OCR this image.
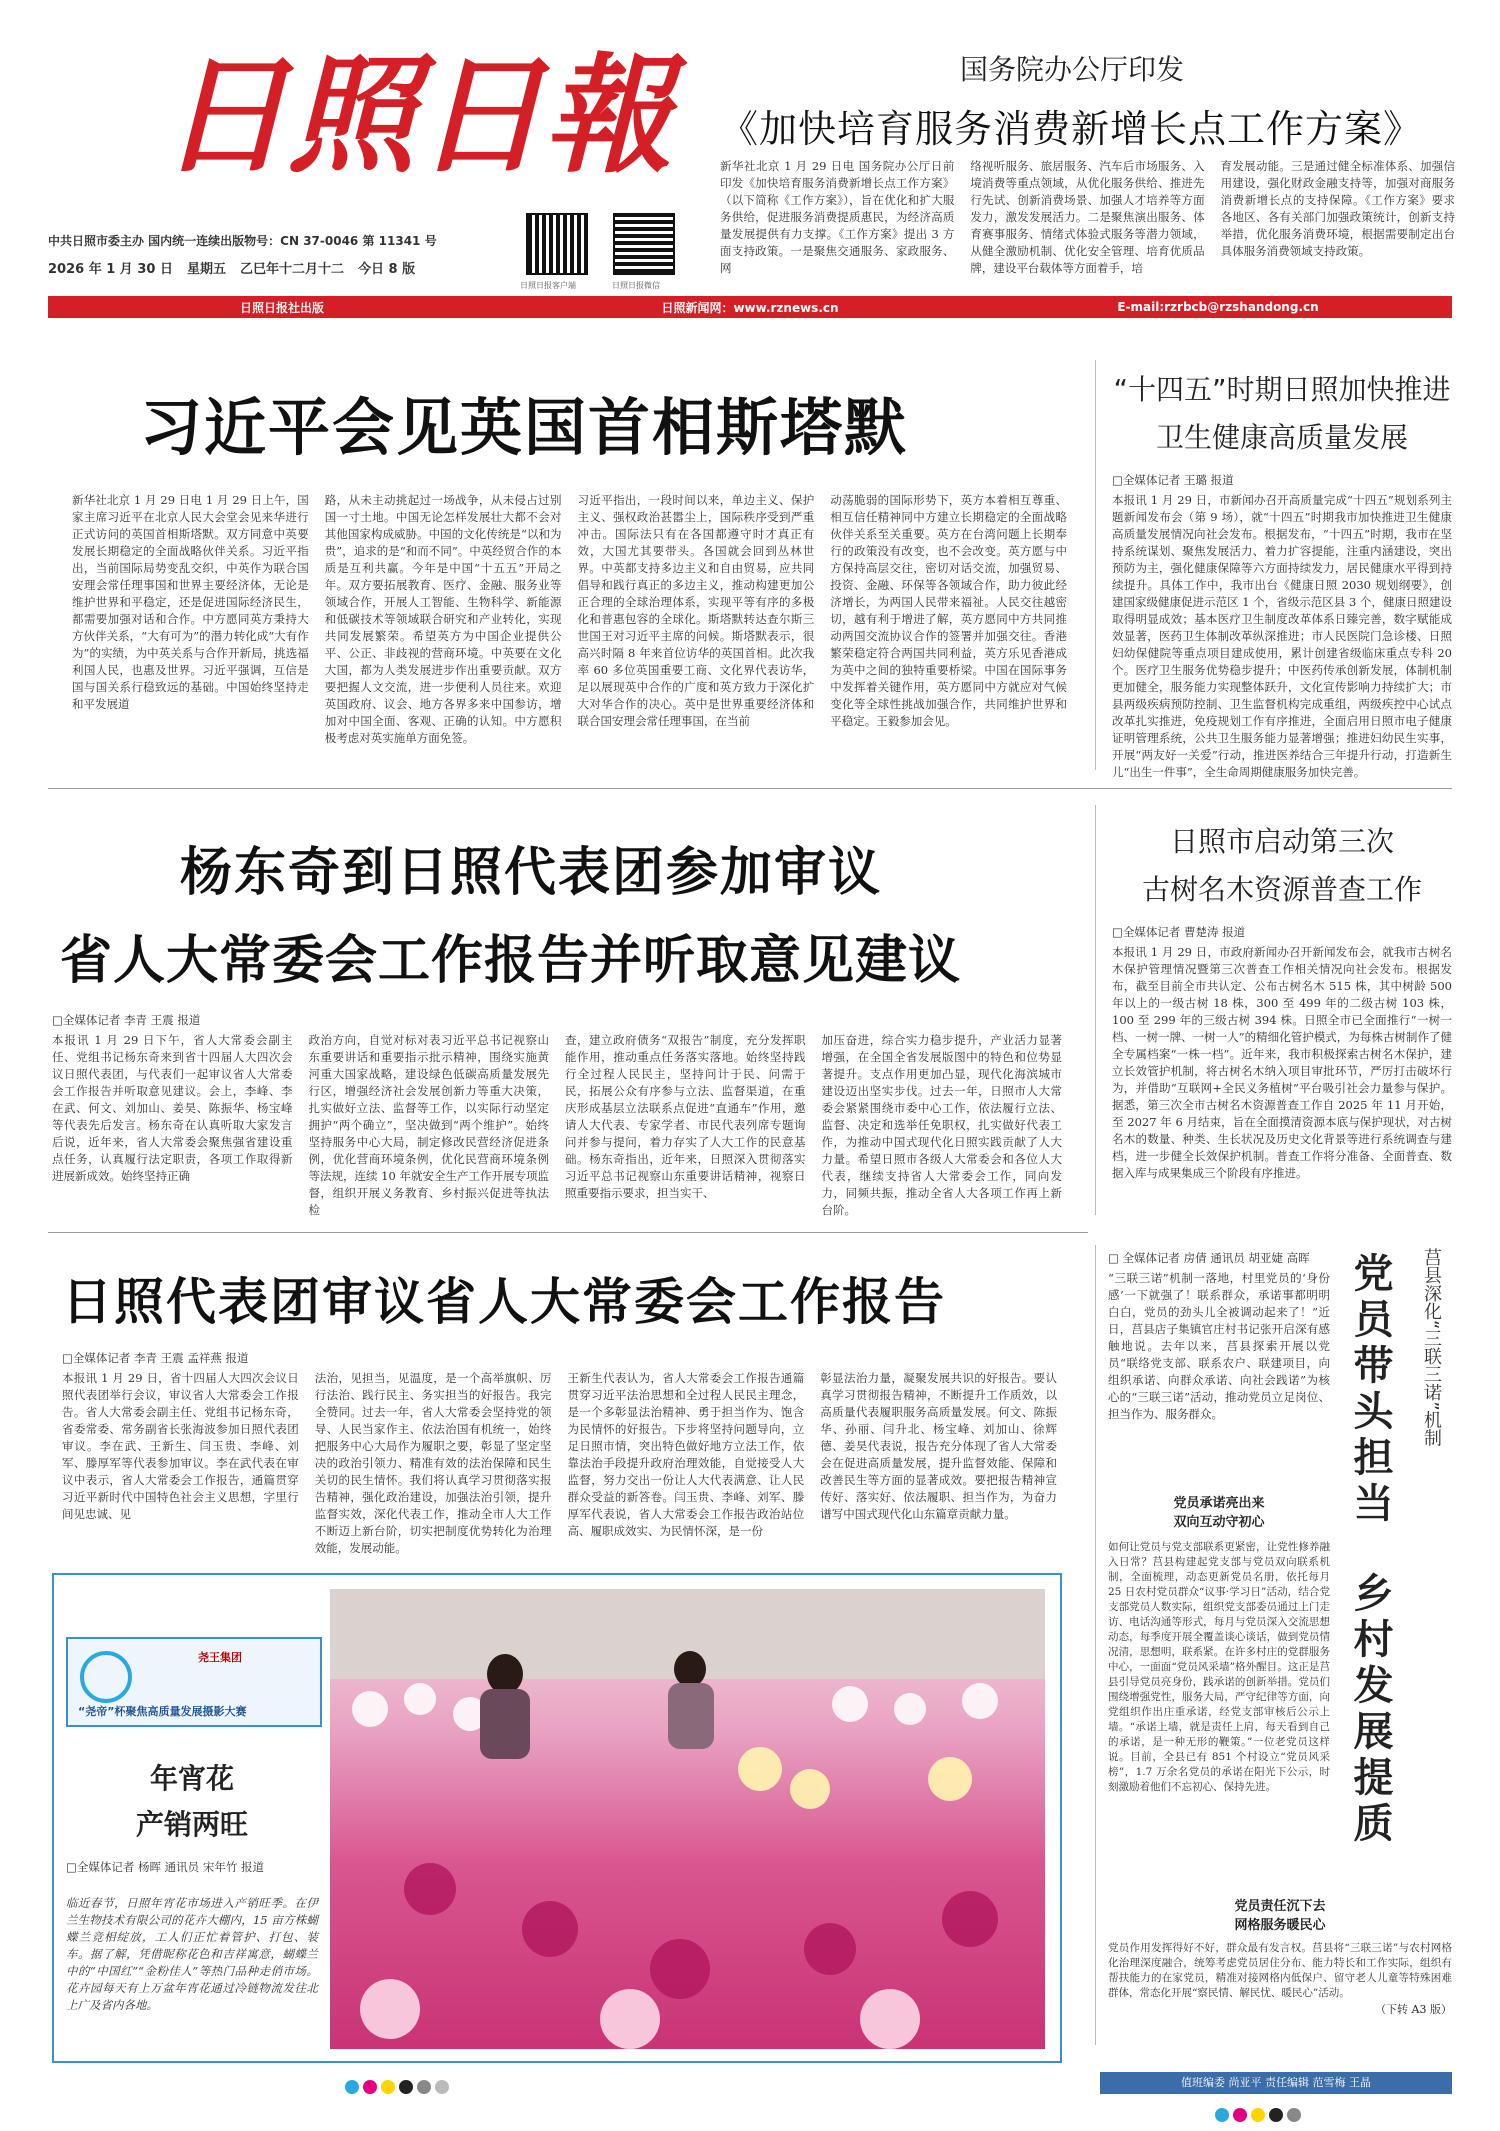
日照日報
中共日照市委主办 国内统一连续出版物号：CN 37-0046 第 11341 号
2026 年 1 月 30 日 星期五 乙巳年十二月十二 今日 8 版
日照日报客户端	日照日报微信
国务院办公厅印发
《加快培育服务消费新增长点工作方案》

新华社北京 1 月 29 日电 国务院办公厅日前印发《加快培育服务消费新增长点工作方案》（以下简称《工作方案》），旨在优化和扩大服务供给，促进服务消费提质惠民，为经济高质量发展提供有力支撑。《工作方案》提出 3 方面支持政策。一是聚焦交通服务、家政服务、网

络视听服务、旅居服务、汽车后市场服务、入境消费等重点领域，从优化服务供给、推进先行先试、创新消费场景、加强人才培养等方面发力，激发发展活力。二是聚焦演出服务、体育赛事服务、情绪式体验式服务等潜力领域，从健全激励机制、优化安全管理、培育优质品牌，建设平台载体等方面着手，培

育发展动能。三是通过健全标准体系、加强信用建设，强化财政金融支持等，加强对商服务消费新增长点的支持保障。《工作方案》要求各地区、各有关部门加强政策统计，创新支持举措，优化服务消费环境，根据需要制定出台具体服务消费领域支持政策。

日照日报社出版	日照新闻网：www.rznews.cn	E-mail:rzrbcb@rzshandong.cn
习近平会见英国首相斯塔默

新华社北京 1 月 29 日电 1 月 29 日上午，国家主席习近平在北京人民大会堂会见来华进行正式访问的英国首相斯塔默。双方同意中英要发展长期稳定的全面战略伙伴关系。习近平指出，当前国际局势变乱交织，中英作为联合国安理会常任理事国和世界主要经济体，无论是维护世界和平稳定，还是促进国际经济民生，都需要加强对话和合作。中方愿同英方秉持大方伙伴关系，“大有可为”的潜力转化成“大有作为”的实绩，为中英关系与合作开新局，挑选福利国人民，也惠及世界。习近平强调，互信是国与国关系行稳致远的基础。中国始终坚持走和平发展道

路，从未主动挑起过一场战争，从未侵占过别国一寸土地。中国无论怎样发展壮大都不会对其他国家构成威胁。中国的文化传统是“以和为贵”，追求的是“和而不同”。中英经贸合作的本质是互利共赢。今年是中国“十五五”开局之年。双方要拓展教育、医疗、金融、服务业等领域合作，开展人工智能、生物科学、新能源和低碳技术等领域联合研究和产业转化，实现共同发展繁荣。希望英方为中国企业提供公平、公正、非歧视的营商环境。中英要在文化大国，都为人类发展进步作出重要贡献。双方要把握人文交流，进一步便利人员往来。欢迎英国政府、议会、地方各界多来中国参访，增加对中国全面、客观、正确的认知。中方愿积极考虑对英实施单方面免签。

习近平指出，一段时间以来，单边主义、保护主义、强权政治甚嚣尘上，国际秩序受到严重冲击。国际法只有在各国都遵守时才真正有效，大国尤其要带头。各国就会回到丛林世界。中英都支持多边主义和自由贸易，应共同倡导和践行真正的多边主义，推动构建更加公正合理的全球治理体系，实现平等有序的多极化和普惠包容的全球化。斯塔默转达查尔斯三世国王对习近平主席的问候。斯塔默表示，很高兴时隔 8 年来首位访华的英国首相。此次我率 60 多位英国重要工商、文化界代表访华，足以展现英中合作的广度和英方致力于深化扩大对华合作的决心。英中是世界重要经济体和联合国安理会常任理事国，在当前

动荡脆弱的国际形势下，英方本着相互尊重、相互信任精神同中方建立长期稳定的全面战略伙伴关系至关重要。英方在台湾问题上长期奉行的政策没有改变，也不会改变。英方愿与中方保持高层交往，密切对话交流，加强贸易、投资、金融、环保等各领域合作，助力彼此经济增长，为两国人民带来福祉。人民交往越密切，越有利于增进了解，英方愿同中方共同推动两国交流协议合作的签署并加强交往。香港繁荣稳定符合两国共同利益，英方乐见香港成为英中之间的独特重要桥梁。中国在国际事务中发挥着关键作用，英方愿同中方就应对气候变化等全球性挑战加强合作，共同维护世界和平稳定。王毅参加会见。

“十四五”时期日照加快推进
卫生健康高质量发展
□全媒体记者 王璐 报道

本报讯 1 月 29 日，市新闻办召开高质量完成“十四五”规划系列主题新闻发布会（第 9 场），就“十四五”时期我市加快推进卫生健康高质量发展情况向社会发布。根据发布，“十四五”时期，我市在坚持系统谋划、聚焦发展活力、着力扩容提能，注重内涵建设，突出预防为主，强化健康保障等六方面持续发力，居民健康水平得到持续提升。具体工作中，我市出台《健康日照 2030 规划纲要》，创建国家级健康促进示范区 1 个，省级示范区县 3 个，健康日照建设取得明显成效；基本医疗卫生制度改革体系日臻完善，数字赋能成效显著，医药卫生体制改革纵深推进；市人民医院门急诊楼、日照妇幼保健院等重点项目建成使用，累计创建省级临床重点专科 20 个。医疗卫生服务优势稳步提升；中医药传承创新发展，体制机制更加健全，服务能力实现整体跃升，文化宣传影响力持续扩大；市县两级疾病预防控制、卫生监督机构完成重组，两级疾控中心试点改革扎实推进，免疫规划工作有序推进，全面启用日照市电子健康证明管理系统，公共卫生服务能力显著增强；推进妇幼民生实事，开展“两友好一关爱”行动，推进医养结合三年提升行动，打造新生儿“出生一件事”，全生命周期健康服务加快完善。

杨东奇到日照代表团参加审议
省人大常委会工作报告并听取意见建议
□全媒体记者 李青 王震 报道

本报讯 1 月 29 日下午，省人大常委会副主任、党组书记杨东奇来到省十四届人大四次会议日照代表团，与代表们一起审议省人大常委会工作报告并听取意见建议。会上，李峰、李在武、何文、刘加山、姜昊、陈振华、杨宝峰等代表先后发言。杨东奇在认真听取大家发言后说，近年来，省人大常委会聚焦强省建设重点任务，认真履行法定职责，各项工作取得新进展新成效。始终坚持正确

政治方向，自觉对标对表习近平总书记视察山东重要讲话和重要指示批示精神，围绕实施黄河重大国家战略，建设绿色低碳高质量发展先行区，增强经济社会发展创新力等重大决策，扎实做好立法、监督等工作，以实际行动坚定拥护“两个确立”，坚决做到“两个维护”。始终坚持服务中心大局，制定修改民营经济促进条例，优化营商环境条例，优化民营商环境条例等法规，连续 10 年就安全生产工作开展专项监督，组织开展义务教育、乡村振兴促进等执法检

查，建立政府债务“双报告”制度，充分发挥职能作用，推动重点任务落实落地。始终坚持践行全过程人民民主，坚持问计于民、问需于民，拓展公众有序参与立法、监督渠道，在重庆形成基层立法联系点促进“直通车”作用，邀请人大代表、专家学者、市民代表列席专题询问并参与提问，着力存实了人大工作的民意基础。杨东奇指出，近年来，日照深入贯彻落实习近平总书记视察山东重要讲话精神，视察日照重要指示要求，担当实干、

加压奋进，综合实力稳步提升，产业活力显著增强，在全国全省发展版图中的特色和位势显著提升。支点作用更加凸显，现代化海滨城市建设迈出坚实步伐。过去一年，日照市人大常委会紧紧围绕市委中心工作，依法履行立法、监督、决定和选举任免职权，扎实做好代表工作，为推动中国式现代化日照实践贡献了人大力量。希望日照市各级人大常委会和各位人大代表，继续支持省人大常委会工作，同向发力，同频共振，推动全省人大各项工作再上新台阶。

日照市启动第三次
古树名木资源普查工作
□全媒体记者 曹楚涛 报道

本报讯 1 月 29 日，市政府新闻办召开新闻发布会，就我市古树名木保护管理情况暨第三次普查工作相关情况向社会发布。根据发布，截至目前全市共认定、公布古树名木 515 株，其中树龄 500 年以上的一级古树 18 株，300 至 499 年的二级古树 103 株，100 至 299 年的三级古树 394 株。日照全市已全面推行“一树一档、一树一牌、一树一人”的精细化管护模式，为每株古树制作了健全专属档案“一株一档”。近年来，我市积极探索古树名木保护，建立长效管护机制，将古树名木纳入项目审批环节，严厉打击破坏行为，并借助“互联网+全民义务植树”平台吸引社会力量参与保护。据悉，第三次全市古树名木资源普查工作自 2025 年 11 月开始，至 2027 年 6 月结束，旨在全面摸清资源本底与保护现状，对古树名木的数量、种类、生长状况及历史文化背景等进行系统调查与建档，进一步健全长效保护机制。普查工作将分准备、全面普查、数据入库与成果集成三个阶段有序推进。

日照代表团审议省人大常委会工作报告
□全媒体记者 李青 王震 孟祥燕 报道

本报讯 1 月 29 日，省十四届人大四次会议日照代表团举行会议，审议省人大常委会工作报告。省人大常委会副主任、党组书记杨东奇，省委常委、常务副省长张海波参加日照代表团审议。李在武、王新生、闫玉贵、李峰、刘军、滕厚军等代表参加审议。李在武代表在审议中表示，省人大常委会工作报告，通篇贯穿习近平新时代中国特色社会主义思想，字里行间见忠诚、见

法治，见担当，见温度，是一个高举旗帜、厉行法治、践行民主、务实担当的好报告。我完全赞同。过去一年，省人大常委会坚持党的领导、人民当家作主、依法治国有机统一，始终把服务中心大局作为履职之要，彰显了坚定坚决的政治引领力、精准有效的法治保障和民生关切的民生情怀。我们将认真学习贯彻落实报告精神，强化政治建设，加强法治引领，提升监督实效，深化代表工作，推动全市人大工作不断迈上新台阶，切实把制度优势转化为治理效能，发展动能。

王新生代表认为，省人大常委会工作报告通篇贯穿习近平法治思想和全过程人民民主理念，是一个多彰显法治精神、勇于担当作为、饱含为民情怀的好报告。下步将坚持问题导向，立足日照市情，突出特色做好地方立法工作，依靠法治手段提升政府治理效能，自觉接受人大监督，努力交出一份让人大代表满意、让人民群众受益的新答卷。闫玉贵、李峰、刘军、滕厚军代表说，省人大常委会工作报告政治站位高、履职成效实、为民情怀深，是一份

彰显法治力量，凝聚发展共识的好报告。要认真学习贯彻报告精神，不断提升工作质效，以高质量代表履职服务高质量发展。何文、陈振华、孙丽、闫升北、杨宝峰、刘加山、徐辉德、姜昊代表说，报告充分体现了省人大常委会在促进高质量发展，提升监督效能、保障和改善民生等方面的显著成效。要把报告精神宣传好、落实好、依法履职、担当作为，为奋力谱写中国式现代化山东篇章贡献力量。

尧王集团
“尧帝”杯聚焦高质量发展摄影大赛
年宵花
产销两旺
□全媒体记者 杨晖 通讯员 宋年竹 报道

临近春节，日照年宵花市场进入产销旺季。在伊兰生物技术有限公司的花卉大棚内，15 亩方株蝴蝶兰竞相绽放，工人们正忙着管护、打包、装车。据了解，凭借昵称花色和吉祥寓意，蝴蝶兰中的“中国红”“金粉佳人”等热门品种走俏市场。花卉园每天有上万盆年宵花通过冷链物流发往北上广及省内各地。

莒县深化“三联三诺”机制
党员带头担当
乡村发展提质
□ 全媒体记者 房倩 通讯员 胡亚婕 高晖

“三联三诺”机制一落地，村里党员的‘身份感’一下就强了！联系群众，承诺事都明明白白，党员的劲头儿全被调动起来了！”近日，莒县店子集镇官庄村书记张开启深有感触地说。去年以来，莒县探索开展以党员“联络党支部、联系农户、联建项目，向组织承诺、向群众承诺、向社会践诺”为核心的“三联三诺”活动，推动党员立足岗位、担当作为、服务群众。

党员承诺亮出来
双向互动守初心

如何让党员与党支部联系更紧密，让党性修养融入日常？莒县构建起党支部与党员双向联系机制，全面梳理，动态更新党员名册，依托每月 25 日农村党员群众“议事·学习日”活动，结合党支部党员人数实际，组织党支部委员通过上门走访、电话沟通等形式，每月与党员深入交流思想动态，每季度开展全覆盖谈心谈话，做到党员情况清，思想明，联系紧。在许多村庄的党群服务中心，一面面“党员风采墙”格外醒目。这正是莒县引导党员亮身份，践承诺的创新举措。党员们围绕增强党性，服务大局，严守纪律等方面，向党组织作出庄重承诺，经党支部审核后公示上墙。“承诺上墙，就是责任上肩，每天看到自己的承诺，是一种无形的鞭策。”一位老党员这样说。目前，全县已有 851 个村设立“党员风采榜”，1.7 万余名党员的承诺在阳光下公示，时刻激励着他们不忘初心、保持先进。

党员责任沉下去
网格服务暖民心

党员作用发挥得好不好，群众最有发言权。莒县将“三联三诺”与农村网格化治理深度融合，统筹考虑党员居住分布、能力特长和工作实际，组织有帮扶能力的在家党员，精准对接网格内低保户、留守老人儿童等特殊困难群体，常态化开展“察民情、解民忧、暖民心”活动。

（下转 A3 版）
值班编委 尚亚平 责任编辑 范雪梅 王晶
